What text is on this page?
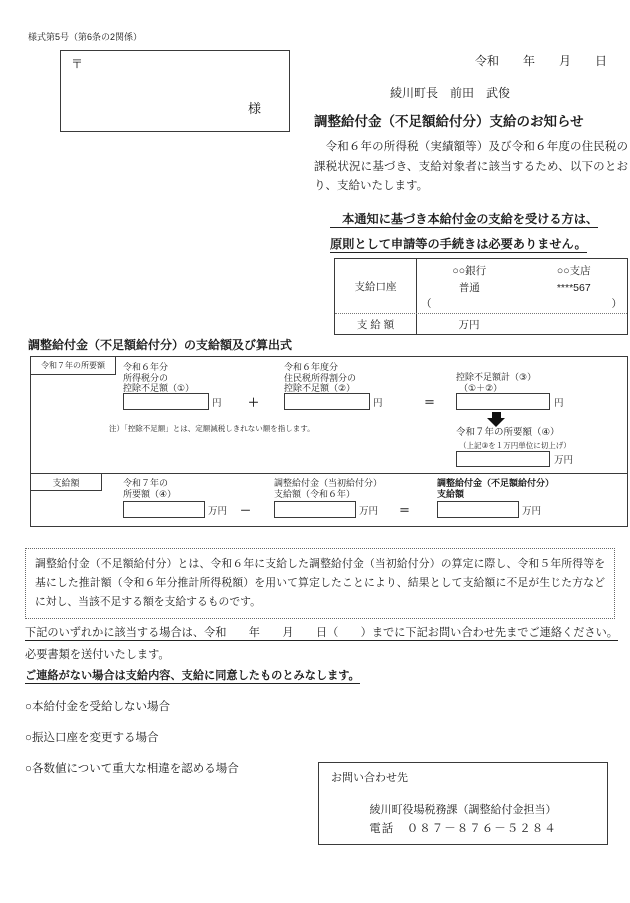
様式第5号（第6条の2関係）
〒
様
令和　　年　　月　　日
綾川町長　前田　武俊
調整給付金（不足額給付分）支給のお知らせ
　令和６年の所得税（実績額等）及び令和６年度の住民税の課税状況に基づき、支給対象者に該当するため、以下のとおり、支給いたします。
　本通知に基づき本給付金の支給を受ける方は、
原則として申請等の手続きは必要ありません。
支給口座
○○銀行	○○支店
普通	****567
（	）
支 給 額	万円
調整給付金（不足額給付分）の支給額及び算出式
令和７年の所要額	令和６年分
所得税分の
控除不足額（①）
円 ＋
令和６年度分
住民税所得割分の
控除不足額（②）
円	＝
控除不足額計（③）
（①＋②）
円
注）「控除不足額」とは、定額減税しきれない額を指します。	令和７年の所要額（④）
（上記③を１万円単位に切上げ）
万円
支給額	令和７年の
所要額（④）
万円 －
調整給付金（当初給付分）
支給額（令和６年）
万円 ＝
調整給付金（不足額給付分）
支給額
万円
調整給付金（不足額給付分）とは、令和６年に支給した調整給付金（当初給付分）の算定に際し、令和５年所得等を基にした推計額（令和６年分推計所得税額）を用いて算定したことにより、結果として支給額に不足が生じた方などに対し、当該不足する額を支給するものです。
下記のいずれかに該当する場合は、令和　　年　　月　　日（　　）までに下記お問い合わせ先までご連絡ください。必要書類を送付いたします。
ご連絡がない場合は支給内容、支給に同意したものとみなします。
○本給付金を受給しない場合
○振込口座を変更する場合
○各数値について重大な相違を認める場合
お問い合わせ先
綾川町役場税務課（調整給付金担当）
電話　０８７－８７６－５２８４
